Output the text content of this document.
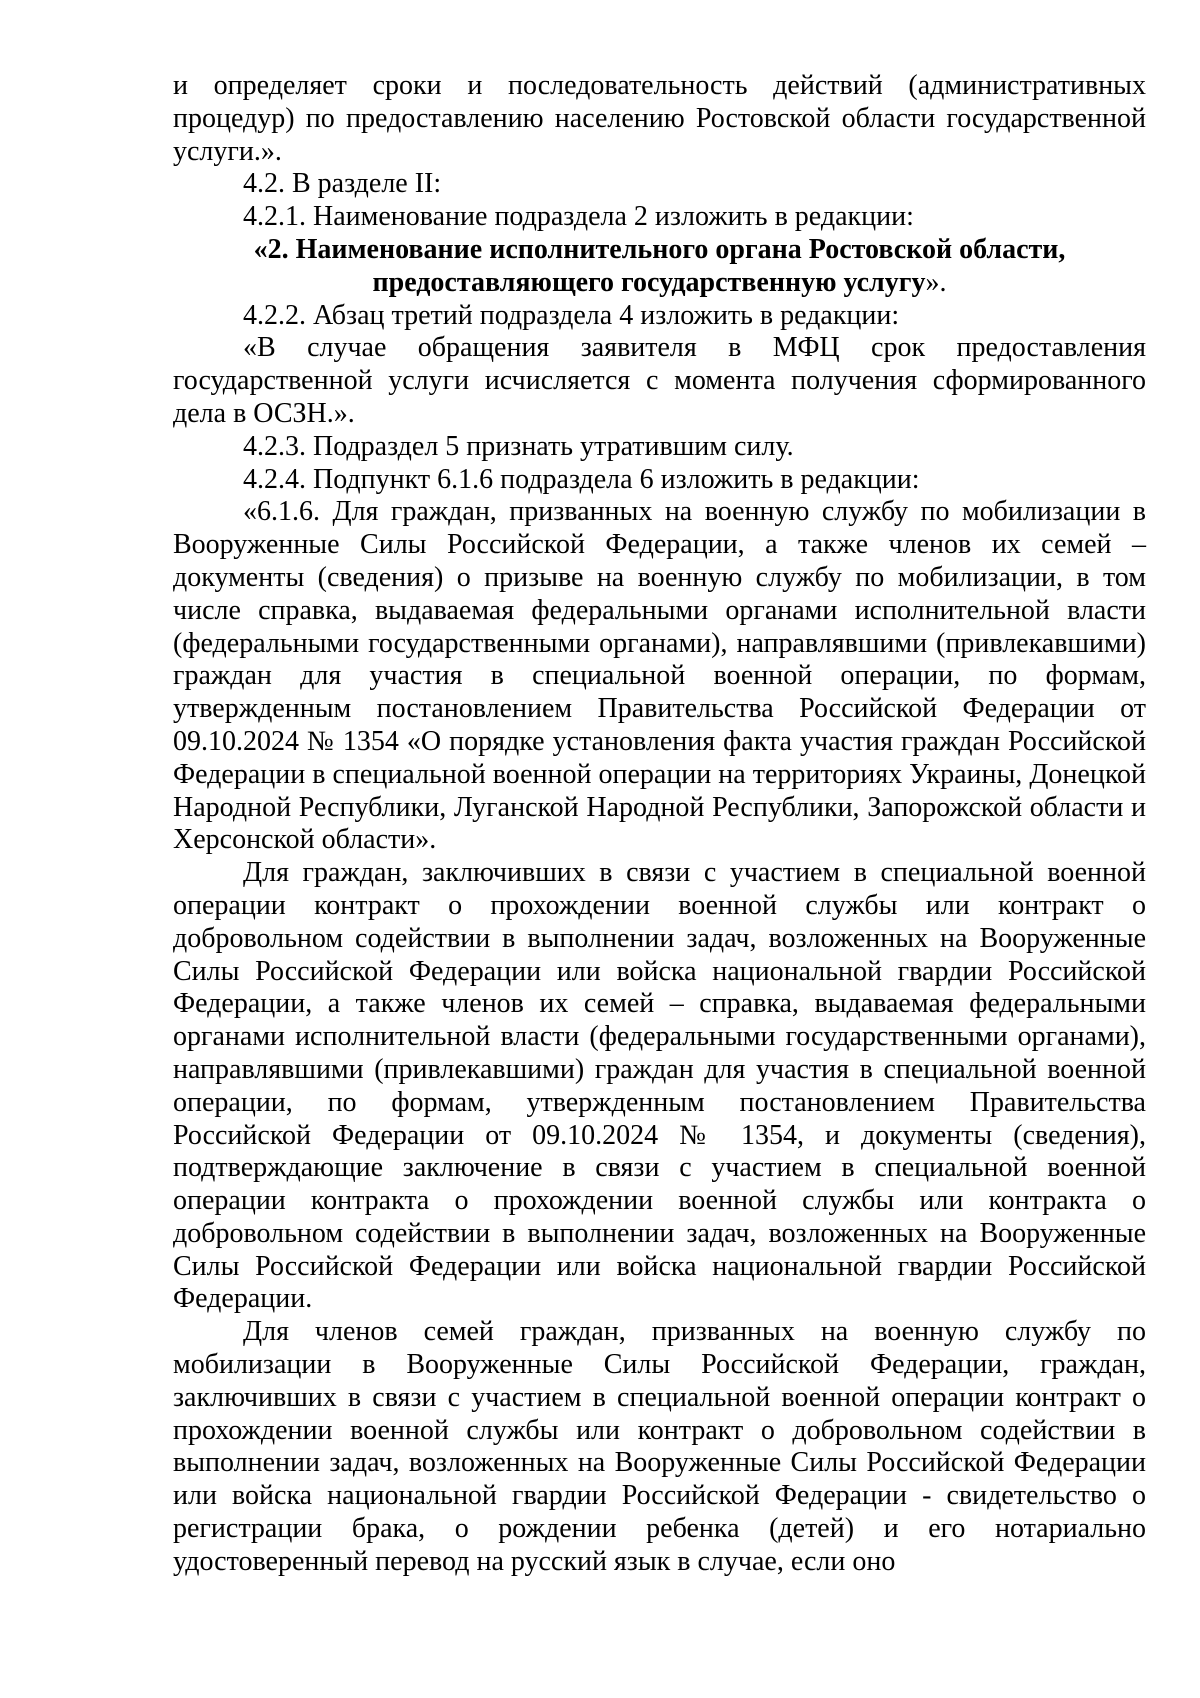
и определяет сроки и последовательность действий (административных процедур) по предоставлению населению Ростовской области государственной услуги.».

4.2. В разделе II:

4.2.1. Наименование подраздела 2 изложить в редакции:

«2. Наименование исполнительного органа Ростовской области, предоставляющего государственную услугу».

4.2.2. Абзац третий подраздела 4 изложить в редакции:

«В случае обращения заявителя в МФЦ срок предоставления государственной услуги исчисляется с момента получения сформированного дела в ОСЗН.».

4.2.3. Подраздел 5 признать утратившим силу.

4.2.4. Подпункт 6.1.6 подраздела 6 изложить в редакции:

«6.1.6. Для граждан, призванных на военную службу по мобилизации в Вооруженные Силы Российской Федерации, а также членов их семей – документы (сведения) о призыве на военную службу по мобилизации, в том числе справка, выдаваемая федеральными органами исполнительной власти (федеральными государственными органами), направлявшими (привлекавшими) граждан для участия в специальной военной операции, по формам, утвержденным постановлением Правительства Российской Федерации от 09.10.2024 № 1354 «О порядке установления факта участия граждан Российской Федерации в специальной военной операции на территориях Украины, Донецкой Народной Республики, Луганской Народной Республики, Запорожской области и Херсонской области».

Для граждан, заключивших в связи с участием в специальной военной операции контракт о прохождении военной службы или контракт о добровольном содействии в выполнении задач, возложенных на Вооруженные Силы Российской Федерации или войска национальной гвардии Российской Федерации, а также членов их семей – справка, выдаваемая федеральными органами исполнительной власти (федеральными государственными органами), направлявшими (привлекавшими) граждан для участия в специальной военной операции, по формам, утвержденным постановлением Правительства Российской Федерации от 09.10.2024 № 1354, и документы (сведения), подтверждающие заключение в связи с участием в специальной военной операции контракта о прохождении военной службы или контракта о добровольном содействии в выполнении задач, возложенных на Вооруженные Силы Российской Федерации или войска национальной гвардии Российской Федерации.

Для членов семей граждан, призванных на военную службу по мобилизации в Вооруженные Силы Российской Федерации, граждан, заключивших в связи с участием в специальной военной операции контракт о прохождении военной службы или контракт о добровольном содействии в выполнении задач, возложенных на Вооруженные Силы Российской Федерации или войска национальной гвардии Российской Федерации - свидетельство о регистрации брака, о рождении ребенка (детей) и его нотариально удостоверенный перевод на русский язык в случае, если оно
